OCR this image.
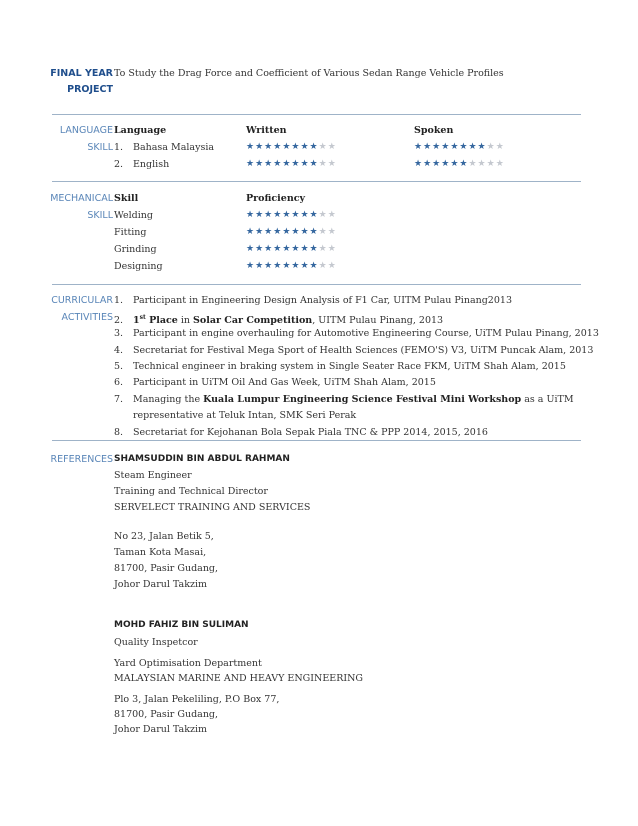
FINAL YEAR
PROJECT
To Study the Drag Force and Coefficient of Various Sedan Range Vehicle Profiles
LANGUAGE
SKILL
Language	Written	Spoken
1. Bahasa Malaysia	★★★★★★★★★★	★★★★★★★★★★
2. English	★★★★★★★★★★	★★★★★★★★★★
MECHANICAL
SKILL
Skill	Proficiency
Welding	★★★★★★★★★★
Fitting	★★★★★★★★★★
Grinding	★★★★★★★★★★
Designing	★★★★★★★★★★
CURRICULAR
ACTIVITIES
1. Participant in Engineering Design Analysis of F1 Car, UITM Pulau Pinang2013
2. 1st Place in Solar Car Competition, UITM Pulau Pinang, 2013
3. Participant in engine overhauling for Automotive Engineering Course, UiTM Pulau Pinang, 2013
4. Secretariat for Festival Mega Sport of Health Sciences (FEMO'S) V3, UiTM Puncak Alam, 2013
5. Technical engineer in braking system in Single Seater Race FKM, UiTM Shah Alam, 2015
6. Participant in UiTM Oil And Gas Week, UiTM Shah Alam, 2015
7. Managing the Kuala Lumpur Engineering Science Festival Mini Workshop as a UiTM
representative at Teluk Intan, SMK Seri Perak
8. Secretariat for Kejohanan Bola Sepak Piala TNC & PPP 2014, 2015, 2016
REFERENCES SHAMSUDDIN BIN ABDUL RAHMAN
Steam Engineer
Training and Technical Director
SERVELECT TRAINING AND SERVICES
No 23, Jalan Betik 5,
Taman Kota Masai,
81700, Pasir Gudang,
Johor Darul Takzim
MOHD FAHIZ BIN SULIMAN
Quality Inspetcor
Yard Optimisation Department
MALAYSIAN MARINE AND HEAVY ENGINEERING
Plo 3, Jalan Pekeliling, P.O Box 77,
81700, Pasir Gudang,
Johor Darul Takzim
